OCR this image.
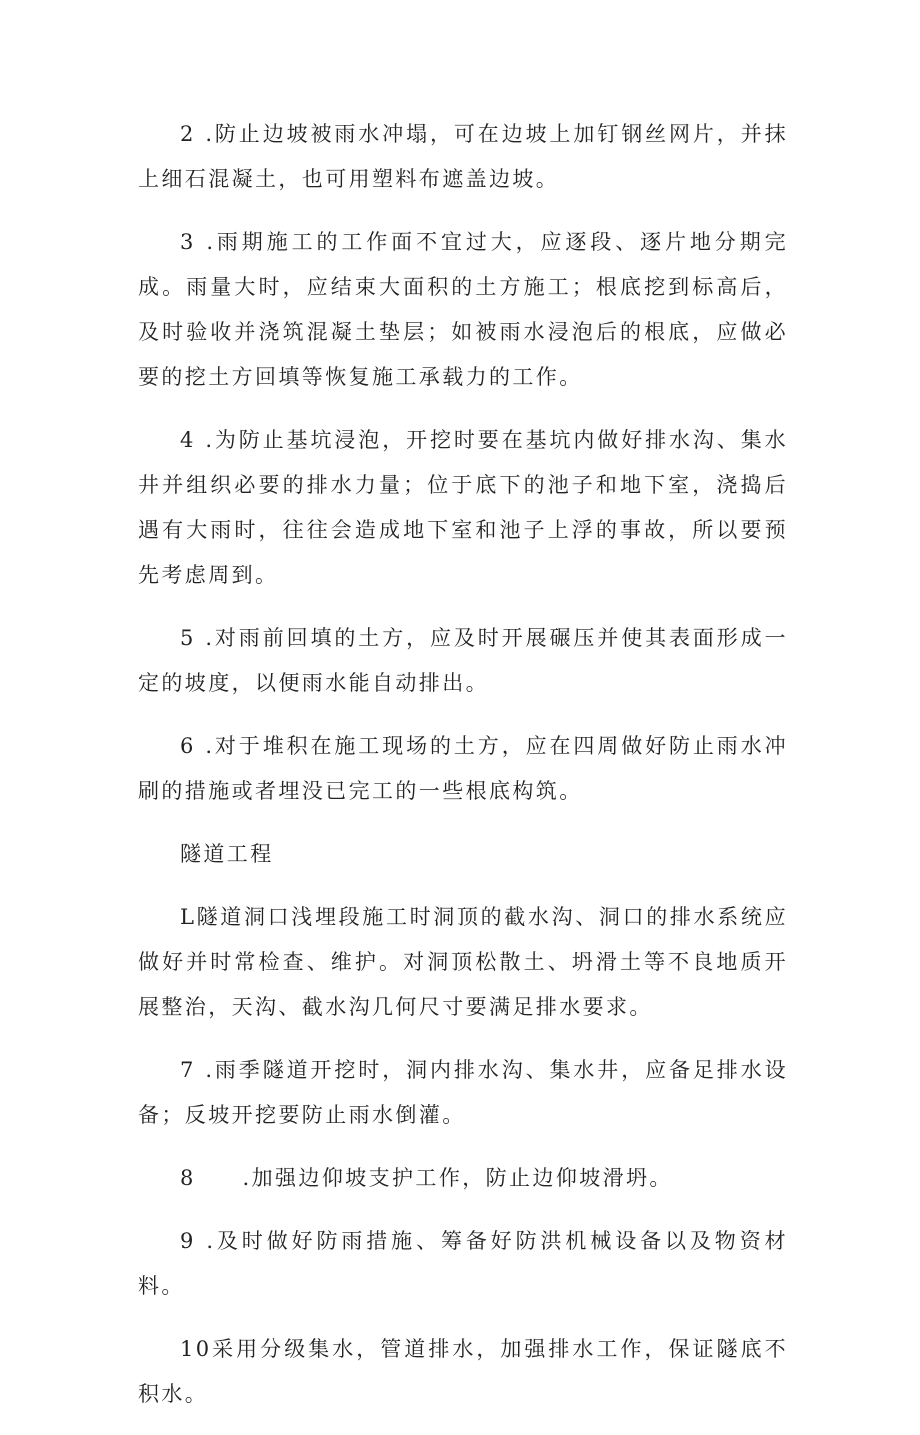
2 .防止边坡被雨水冲塌，可在边坡上加钉钢丝网片，并抹上细石混凝土，也可用塑料布遮盖边坡。

3 .雨期施工的工作面不宜过大，应逐段、逐片地分期完成。雨量大时，应结束大面积的土方施工；根底挖到标高后，及时验收并浇筑混凝土垫层；如被雨水浸泡后的根底，应做必要的挖土方回填等恢复施工承载力的工作。

4 .为防止基坑浸泡，开挖时要在基坑内做好排水沟、集水井并组织必要的排水力量；位于底下的池子和地下室，浇捣后遇有大雨时，往往会造成地下室和池子上浮的事故，所以要预先考虑周到。

5 .对雨前回填的土方，应及时开展碾压并使其表面形成一定的坡度，以便雨水能自动排出。

6 .对于堆积在施工现场的土方，应在四周做好防止雨水冲刷的措施或者埋没已完工的一些根底构筑。

隧道工程

L隧道洞口浅埋段施工时洞顶的截水沟、洞口的排水系统应做好并时常检查、维护。对洞顶松散土、坍滑土等不良地质开展整治，天沟、截水沟几何尺寸要满足排水要求。

7 .雨季隧道开挖时，洞内排水沟、集水井，应备足排水设备；反坡开挖要防止雨水倒灌。

8　　.加强边仰坡支护工作，防止边仰坡滑坍。

9 .及时做好防雨措施、筹备好防洪机械设备以及物资材料。

10采用分级集水，管道排水，加强排水工作，保证隧底不积水。
